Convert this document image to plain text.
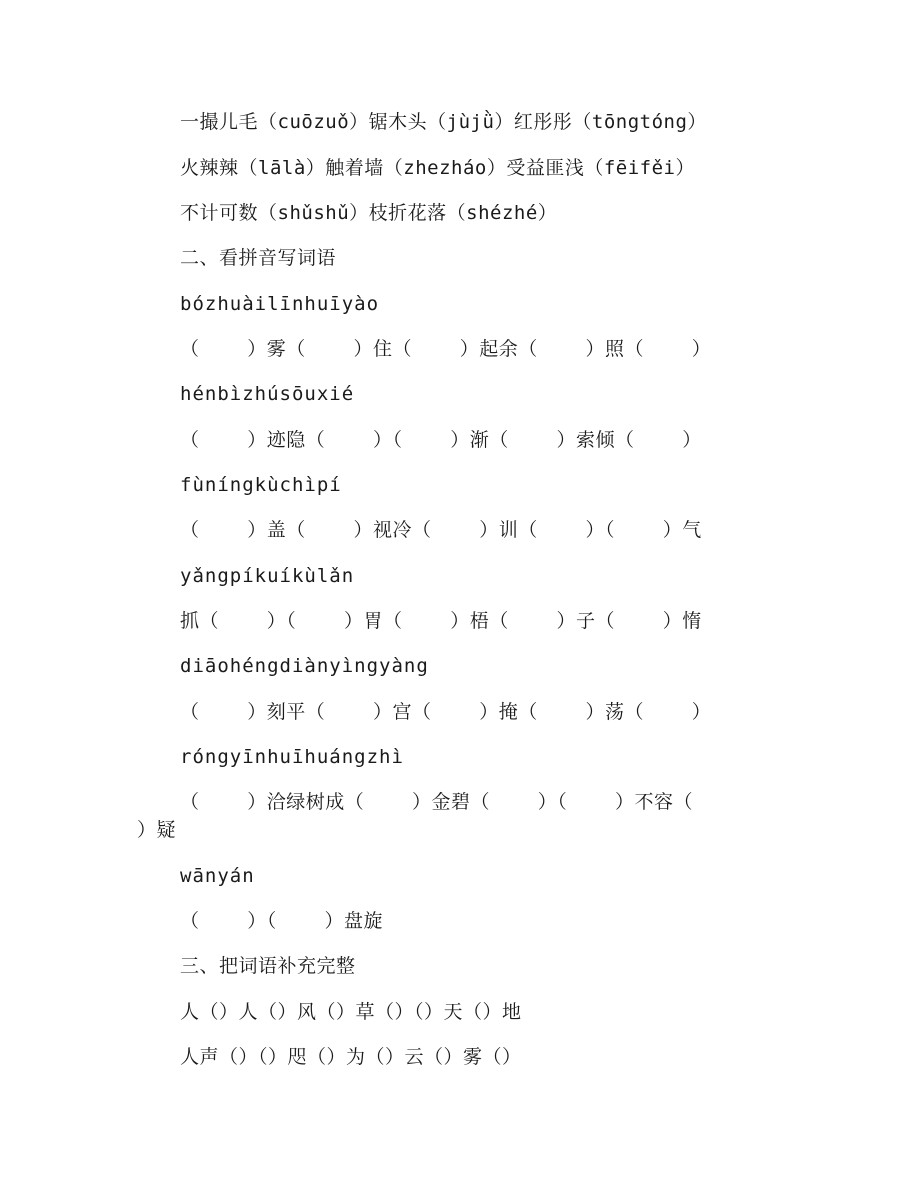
一撮儿毛（cuōzuǒ）锯木头（jùjǜ）红彤彤（tōngtóng）
火辣辣（lālà）触着墙（zhezháo）受益匪浅（fēifěi）
不计可数（shǔshǔ）枝折花落（shézhé）
二、看拼音写词语
bózhuàilīnhuīyào
（    ）雾（    ）住（    ）起余（    ）照（    ）
hénbìzhúsōuxié
（    ）迹隐（    ）（    ）渐（    ）索倾（    ）
fùníngkùchìpí
（    ）盖（    ）视冷（    ）训（    ）（    ）气
yǎngpíkuíkùlǎn
抓（    ）（    ）胃（    ）梧（    ）子（    ）惰
diāohéngdiànyìngyàng
（    ）刻平（    ）宫（    ）掩（    ）荡（    ）
róngyīnhuīhuángzhì
（    ）洽绿树成（    ）金碧（    ）（    ）不容（
）疑
wānyán
（    ）（    ）盘旋
三、把词语补充完整
人（）人（）风（）草（）（）天（）地
人声（）（）咫（）为（）云（）雾（）
